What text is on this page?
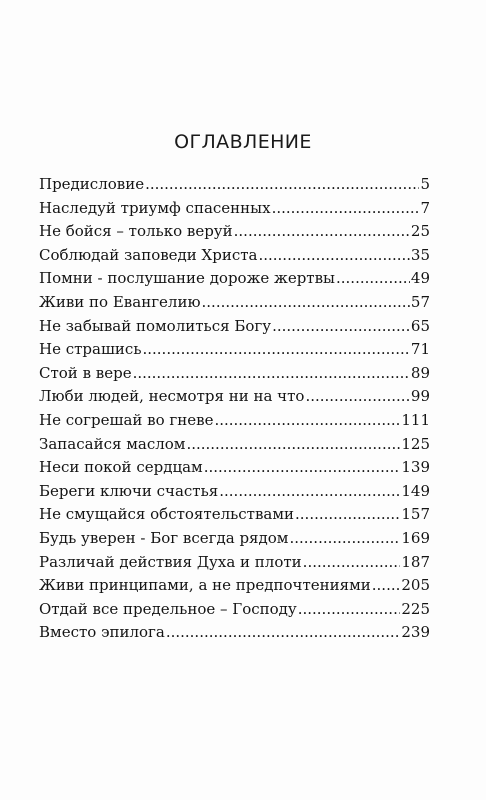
ОГЛАВЛЕНИЕ
Предисловие .....	5
Наследуй триумф спасенных .....	7
Не бойся – только веруй .....	25
Соблюдай заповеди Христа .....	35
Помни - послушание дороже жертвы .....	49
Живи по Евангелию .....	57
Не забывай помолиться Богу .....	65
Не страшись .....	71
Стой в вере .....	89
Люби людей, несмотря ни на что .....	99
Не согрешай во гневе .....	111
Запасайся маслом .....	125
Неси покой сердцам .....	139
Береги ключи счастья .....	149
Не смущайся обстоятельствами .....	157
Будь уверен - Бог всегда рядом .....	169
Различай действия Духа и плоти .....	187
Живи принципами, а не предпочтениями ..... 205
Отдай все предельное – Господу .....	225
Вместо эпилога .....	239
